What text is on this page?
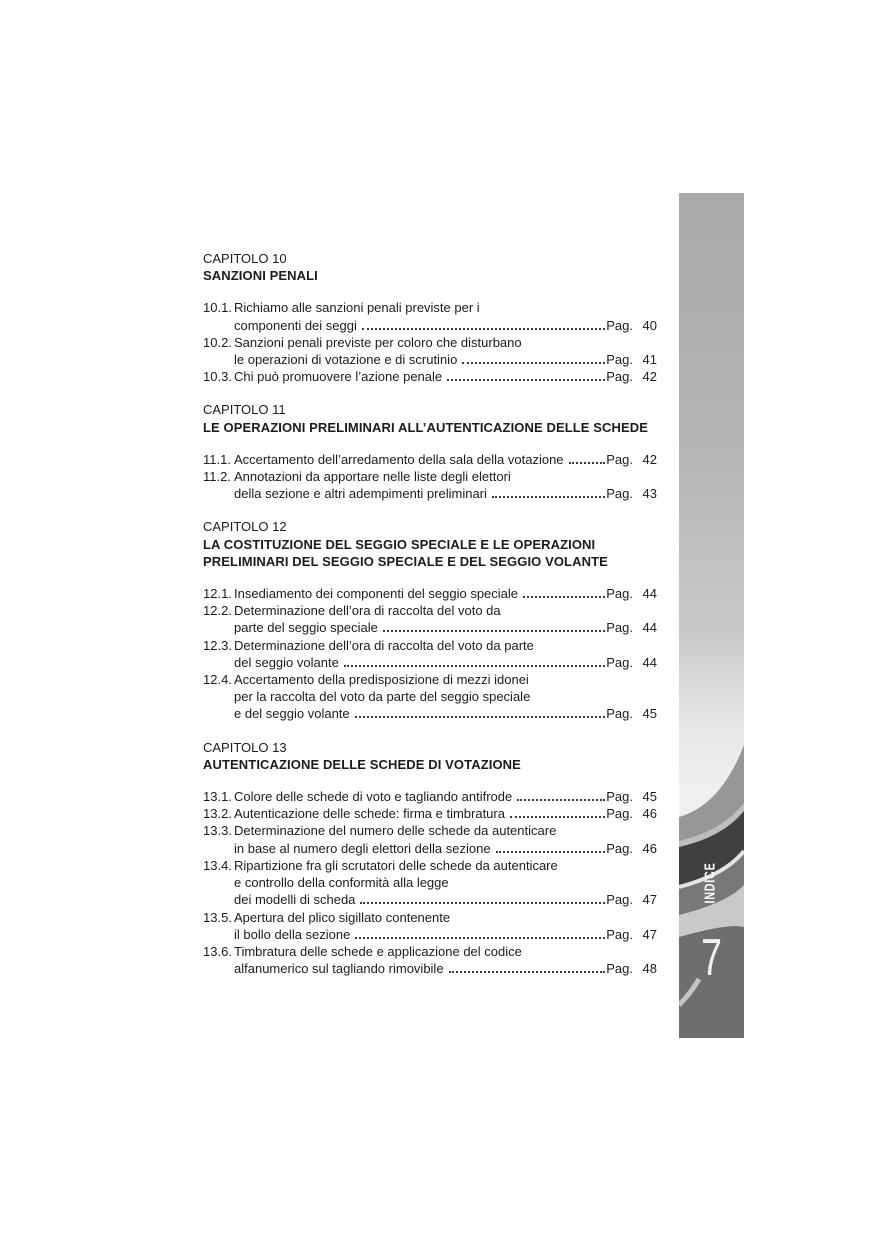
CAPITOLO 10
SANZIONI PENALI
10.1. Richiamo alle sanzioni penali previste per i
componenti dei seggi	Pag. 40
10.2. Sanzioni penali previste per coloro che disturbano
le operazioni di votazione e di scrutinio	Pag. 41
10.3. Chi può promuovere l’azione penale	Pag. 42
CAPITOLO 11
LE OPERAZIONI PRELIMINARI ALL’AUTENTICAZIONE DELLE SCHEDE
11.1. Accertamento dell’arredamento della sala della votazione	Pag. 42
11.2. Annotazioni da apportare nelle liste degli elettori
della sezione e altri adempimenti preliminari	Pag. 43
CAPITOLO 12
LA COSTITUZIONE DEL SEGGIO SPECIALE E LE OPERAZIONI
PRELIMINARI DEL SEGGIO SPECIALE E DEL SEGGIO VOLANTE
12.1. Insediamento dei componenti del seggio speciale	Pag. 44
12.2. Determinazione dell’ora di raccolta del voto da
parte del seggio speciale	Pag. 44
12.3. Determinazione dell’ora di raccolta del voto da parte
del seggio volante	Pag. 44
12.4. Accertamento della predisposizione di mezzi idonei
per la raccolta del voto da parte del seggio speciale
e del seggio volante	Pag. 45
CAPITOLO 13
AUTENTICAZIONE DELLE SCHEDE DI VOTAZIONE
13.1. Colore delle schede di voto e tagliando antifrode	Pag. 45
13.2. Autenticazione delle schede: firma e timbratura	Pag. 46
13.3. Determinazione del numero delle schede da autenticare
in base al numero degli elettori della sezione	Pag. 46
13.4. Ripartizione fra gli scrutatori delle schede da autenticare
e controllo della conformità alla legge
dei modelli di scheda	Pag. 47
13.5. Apertura del plico sigillato contenente
il bollo della sezione	Pag. 47
13.6. Timbratura delle schede e applicazione del codice
alfanumerico sul tagliando rimovibile	Pag. 48
INDICE
7
